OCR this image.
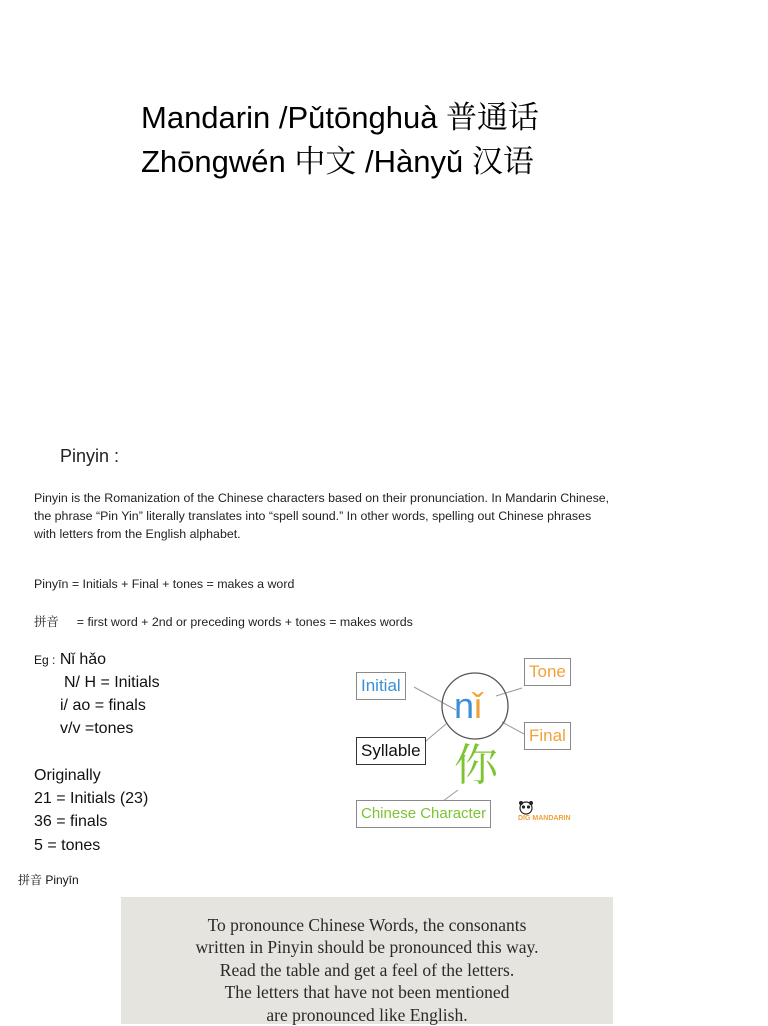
Mandarin /Pǔtōnghuà 普通话
Zhōngwén 中文 /Hànyǔ 汉语
Pinyin :
Pinyin is the Romanization of the Chinese characters based on their pronunciation. In Mandarin Chinese, the phrase “Pin Yin” literally translates into “spell sound.” In other words, spelling out Chinese phrases with letters from the English alphabet.
Pinyīn = Initials + Final + tones = makes a word
拼音 = first word + 2nd or preceding words + tones = makes words
Eg : Nǐ hǎo
N/ H = Initials
i/ ao = finals
v/v =tones
Originally
21 = Initials (23)
36 = finals
5 = tones
Initial
Tone
Final
Syllable
Chinese Character
nǐ
你
DIG MANDARIN
拼音 Pinyīn
To pronounce Chinese Words, the consonants
written in Pinyin should be pronounced this way.
Read the table and get a feel of the letters.
The letters that have not been mentioned
are pronounced like English.
